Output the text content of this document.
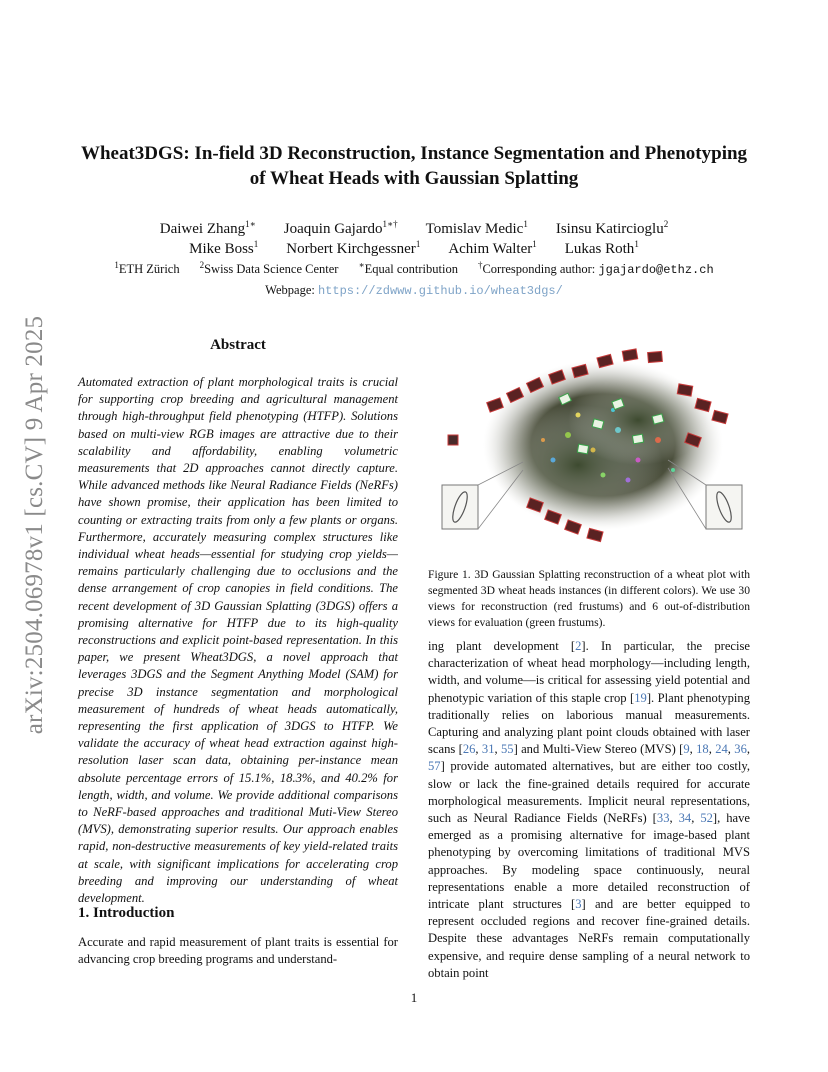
arXiv:2504.06978v1 [cs.CV] 9 Apr 2025
Wheat3DGS: In-field 3D Reconstruction, Instance Segmentation and Phenotyping of Wheat Heads with Gaussian Splatting
Daiwei Zhang$^{1∗}$ Joaquin Gajardo$^{1∗\dagger}$ Tomislav Medic$^1$ Isinsu Katircioglu$^2$
Mike Boss$^1$ Norbert Kirchgessner$^1$ Achim Walter$^1$ Lukas Roth$^1$
$^1$ETH Zürich $^2$Swiss Data Science Center ∗Equal contribution †Corresponding author: jgajardo@ethz.ch
Webpage: https://zdwww.github.io/wheat3dgs/
Abstract
Automated extraction of plant morphological traits is crucial for supporting crop breeding and agricultural management through high-throughput field phenotyping (HTFP). Solutions based on multi-view RGB images are attractive due to their scalability and affordability, enabling volumetric measurements that 2D approaches cannot directly capture. While advanced methods like Neural Radiance Fields (NeRFs) have shown promise, their application has been limited to counting or extracting traits from only a few plants or organs. Furthermore, accurately measuring complex structures like individual wheat heads—essential for studying crop yields—remains particularly challenging due to occlusions and the dense arrangement of crop canopies in field conditions. The recent development of 3D Gaussian Splatting (3DGS) offers a promising alternative for HTFP due to its high-quality reconstructions and explicit point-based representation. In this paper, we present Wheat3DGS, a novel approach that leverages 3DGS and the Segment Anything Model (SAM) for precise 3D instance segmentation and morphological measurement of hundreds of wheat heads automatically, representing the first application of 3DGS to HTFP. We validate the accuracy of wheat head extraction against high-resolution laser scan data, obtaining per-instance mean absolute percentage errors of 15.1%, 18.3%, and 40.2% for length, width, and volume. We provide additional comparisons to NeRF-based approaches and traditional Muti-View Stereo (MVS), demonstrating superior results. Our approach enables rapid, non-destructive measurements of key yield-related traits at scale, with significant implications for accelerating crop breeding and improving our understanding of wheat development.
1. Introduction
Accurate and rapid measurement of plant traits is essential for advancing crop breeding programs and understand-
Figure 1. 3D Gaussian Splatting reconstruction of a wheat plot with segmented 3D wheat heads instances (in different colors). We use 30 views for reconstruction (red frustums) and 6 out-of-distribution views for evaluation (green frustums).
ing plant development [2]. In particular, the precise characterization of wheat head morphology—including length, width, and volume—is critical for assessing yield potential and phenotypic variation of this staple crop [19]. Plant phenotyping traditionally relies on laborious manual measurements. Capturing and analyzing plant point clouds obtained with laser scans [26, 31, 55] and Multi-View Stereo (MVS) [9, 18, 24, 36, 57] provide automated alternatives, but are either too costly, slow or lack the fine-grained details required for accurate morphological measurements. Implicit neural representations, such as Neural Radiance Fields (NeRFs) [33, 34, 52], have emerged as a promising alternative for image-based plant phenotyping by overcoming limitations of traditional MVS approaches. By modeling space continuously, neural representations enable a more detailed reconstruction of intricate plant structures [3] and are better equipped to represent occluded regions and recover fine-grained details. Despite these advantages NeRFs remain computationally expensive, and require dense sampling of a neural network to obtain point
1
